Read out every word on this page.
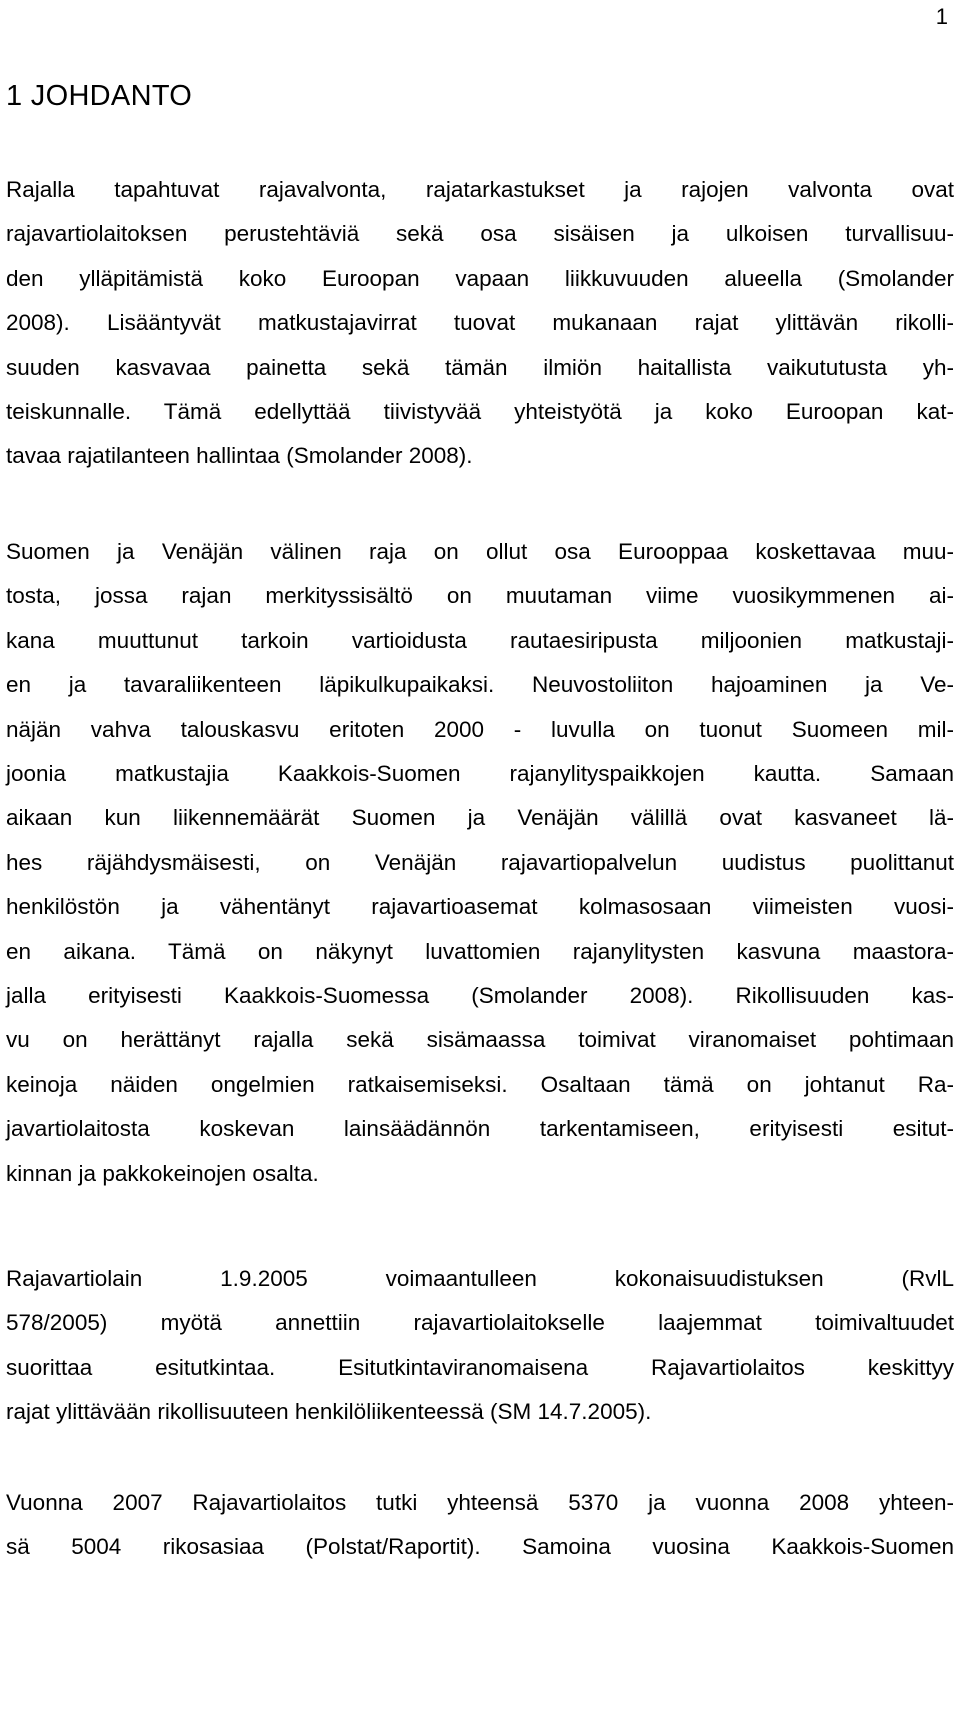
1
1 JOHDANTO
Rajalla tapahtuvat rajavalvonta, rajatarkastukset ja rajojen valvonta ovat
rajavartiolaitoksen perustehtäviä sekä osa sisäisen ja ulkoisen turvallisuu-
den ylläpitämistä koko Euroopan vapaan liikkuvuuden alueella (Smolander
2008). Lisääntyvät matkustajavirrat tuovat mukanaan rajat ylittävän rikolli-
suuden kasvavaa painetta sekä tämän ilmiön haitallista vaikututusta yh-
teiskunnalle. Tämä edellyttää tiivistyvää yhteistyötä ja koko Euroopan kat-
tavaa rajatilanteen hallintaa (Smolander 2008).
Suomen ja Venäjän välinen raja on ollut osa Eurooppaa koskettavaa muu-
tosta, jossa rajan merkityssisältö on muutaman viime vuosikymmenen ai-
kana muuttunut tarkoin vartioidusta rautaesiripusta miljoonien matkustaji-
en ja tavaraliikenteen läpikulkupaikaksi. Neuvostoliiton hajoaminen ja Ve-
näjän vahva talouskasvu eritoten 2000 - luvulla on tuonut Suomeen mil-
joonia matkustajia Kaakkois-Suomen rajanylityspaikkojen kautta. Samaan
aikaan kun liikennemäärät Suomen ja Venäjän välillä ovat kasvaneet lä-
hes räjähdysmäisesti, on Venäjän rajavartiopalvelun uudistus puolittanut
henkilöstön ja vähentänyt rajavartioasemat kolmasosaan viimeisten vuosi-
en aikana. Tämä on näkynyt luvattomien rajanylitysten kasvuna maastora-
jalla erityisesti Kaakkois-Suomessa (Smolander 2008). Rikollisuuden kas-
vu on herättänyt rajalla sekä sisämaassa toimivat viranomaiset pohtimaan
keinoja näiden ongelmien ratkaisemiseksi. Osaltaan tämä on johtanut Ra-
javartiolaitosta koskevan lainsäädännön tarkentamiseen, erityisesti esitut-
kinnan ja pakkokeinojen osalta.
Rajavartiolain 1.9.2005 voimaantulleen kokonaisuudistuksen (RvlL
578/2005) myötä annettiin rajavartiolaitokselle laajemmat toimivaltuudet
suorittaa esitutkintaa. Esitutkintaviranomaisena Rajavartiolaitos keskittyy
rajat ylittävään rikollisuuteen henkilöliikenteessä (SM 14.7.2005).
Vuonna 2007 Rajavartiolaitos tutki yhteensä 5370 ja vuonna 2008 yhteen-
sä 5004 rikosasiaa (Polstat/Raportit). Samoina vuosina Kaakkois-Suomen
